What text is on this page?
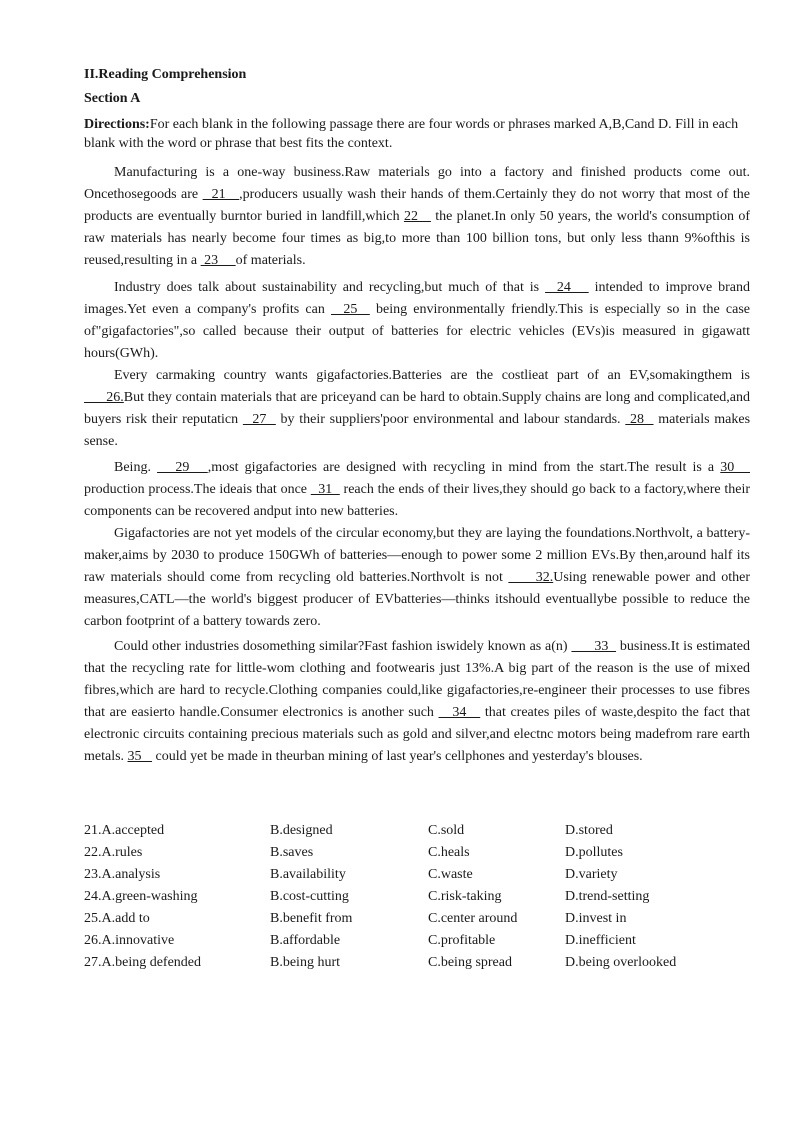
II.Reading Comprehension
Section A
Directions:For each blank in the following passage there are four words or phrases marked A,B,Cand D. Fill in each blank with the word or phrase that best fits the context.

Manufacturing is a one-way business.Raw materials go into a factory and finished products come out. Oncethosegoods are   21   ,producers usually wash their hands of them.Certainly they do not worry that most of the products are eventually burntor buried in landfill,which 22    the planet.In only 50 years, the world's consumption of raw materials has nearly become four times as big,to more than 100 billion tons, but only less thann 9%ofthis is reused,resulting in a  23     of materials.

Industry does talk about sustainability and recycling,but much of that is   24    intended to improve brand images.Yet even a company's profits can   25   being environmentally friendly.This is especially so in the case of"gigafactories",so called because their output of batteries for electric vehicles (EVs)is measured in gigawatt hours(GWh).

Every carmaking country wants gigafactories.Batteries are the costlieat part of an EV,somakingthem is       26.But they contain materials that are priceyand can be hard to obtain.Supply chains are long and complicated,and buyers risk their reputaticn   27   by their suppliers'poor environmental and labour standards.  28   materials makes sense.

Being.    29   ,most gigafactories are designed with recycling in mind from the start.The result is a 30    production process.The ideais that once   31   reach the ends of their lives,they should go back to a factory,where their components can be recovered andput into new batteries.

Gigafactories are not yet models of the circular economy,but they are laying the foundations.Northvolt, a battery-maker,aims by 2030 to produce 150GWh of batteries—enough to power some 2 million EVs.By then,around half its raw materials should come from recycling old batteries.Northvolt is not      32.Using renewable power and other measures,CATL—the world's biggest producer of EVbatteries—thinks itshould eventuallybe possible to reduce the carbon footprint of a battery towards zero.

Could other industries dosomething similar?Fast fashion iswidely known as a(n)       33   business.It is estimated that the recycling rate for little-wom clothing and footwearis just 13%.A big part of the reason is the use of mixed fibres,which are hard to recycle.Clothing companies could,like gigafactories,re-engineer their processes to use fibres that are easierto handle.Consumer electronics is another such    34    that creates piles of waste,despito the fact that electronic circuits containing precious materials such as gold and silver,and electnc motors being madefrom rare earth metals. 35    could yet be made in theurban mining of last year's cellphones and yesterday's blouses.

21.A.accepted	B.designed	C.sold	D.stored
22.A.rules	B.saves	C.heals	D.pollutes
23.A.analysis	B.availability	C.waste	D.variety
24.A.green-washing	B.cost-cutting	C.risk-taking	D.trend-setting
25.A.add to	B.benefit from	C.center around	D.invest in
26.A.innovative	B.affordable	C.profitable	D.inefficient
27.A.being defended	B.being hurt	C.being spread	D.being overlooked
